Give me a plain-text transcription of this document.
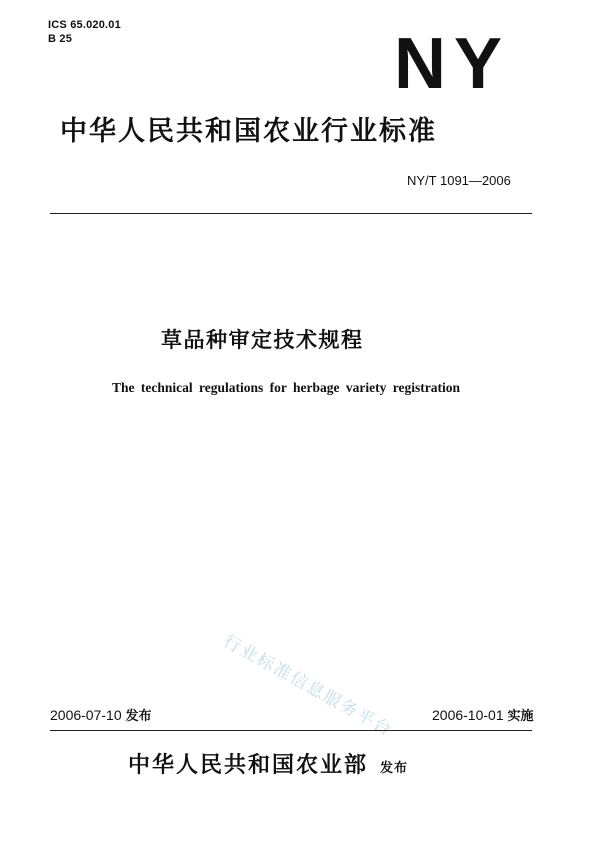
ICS 65.020.01
B 25	NY
中华人民共和国农业行业标准
NY/T 1091—2006
草品种审定技术规程
The technical regulations for herbage variety registration
行业标准信息服务平台
2006-07-10 发布	2006-10-01 实施
中华人民共和国农业部 发布
